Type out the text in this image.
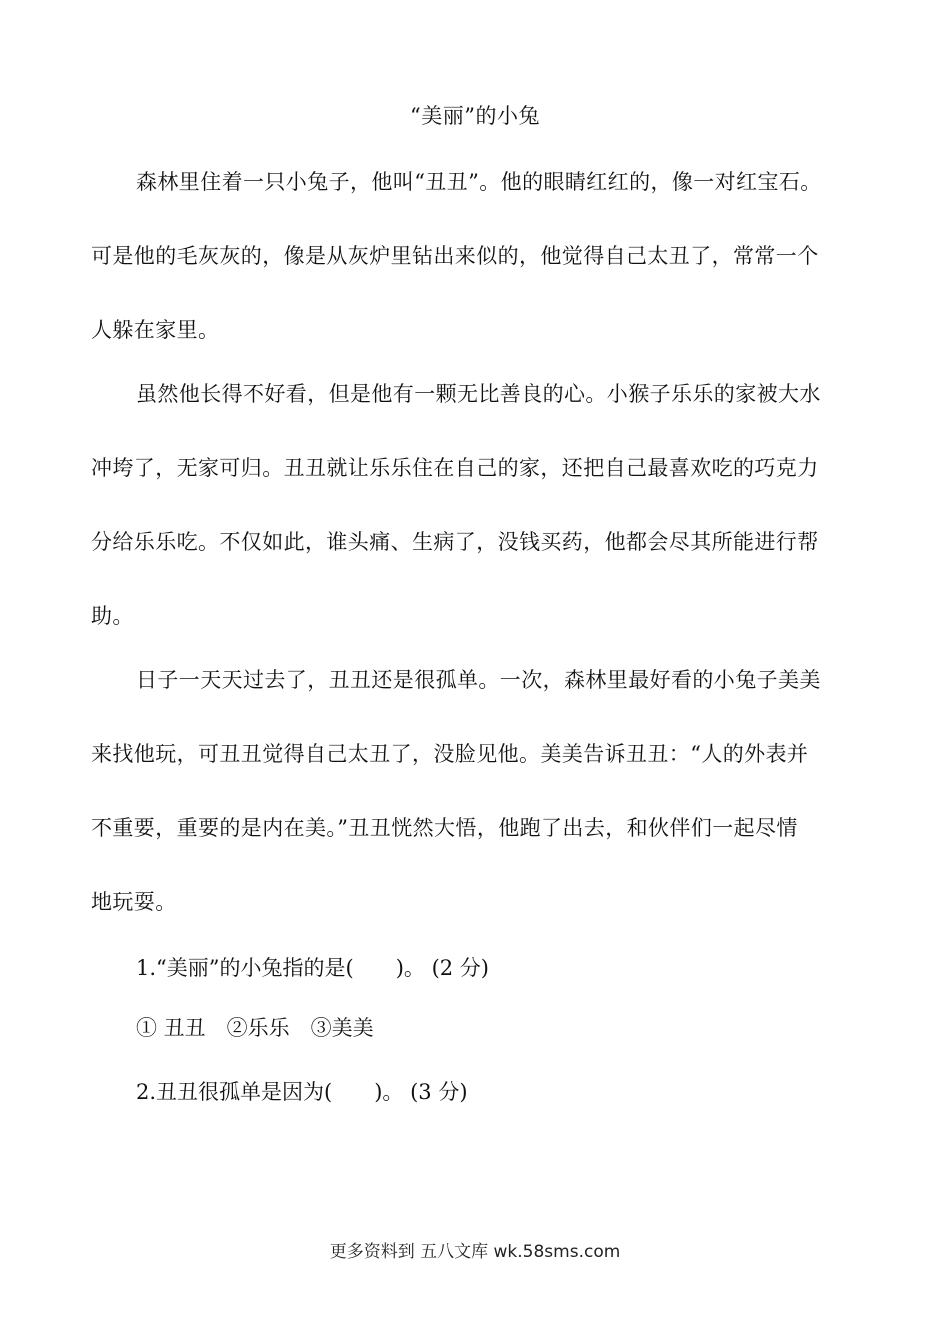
“美丽”的小兔
森林里住着一只小兔子，他叫“丑丑”。他的眼睛红红的，像一对红宝石。
可是他的毛灰灰的，像是从灰炉里钻出来似的，他觉得自己太丑了，常常一个
人躲在家里。
虽然他长得不好看，但是他有一颗无比善良的心。小猴子乐乐的家被大水
冲垮了，无家可归。丑丑就让乐乐住在自己的家，还把自己最喜欢吃的巧克力
分给乐乐吃。不仅如此，谁头痛、生病了，没钱买药，他都会尽其所能进行帮
助。
日子一天天过去了，丑丑还是很孤单。一次，森林里最好看的小兔子美美
来找他玩，可丑丑觉得自己太丑了，没脸见他。美美告诉丑丑：“人的外表并
不重要，重要的是内在美。”丑丑恍然大悟，他跑了出去，和伙伴们一起尽情
地玩耍。
1.“美丽”的小兔指的是(　　)。 (2 分)
① 丑丑　②乐乐　③美美
2.丑丑很孤单是因为(　　)。 (3 分)
更多资料到 五八文库 wk.58sms.com
